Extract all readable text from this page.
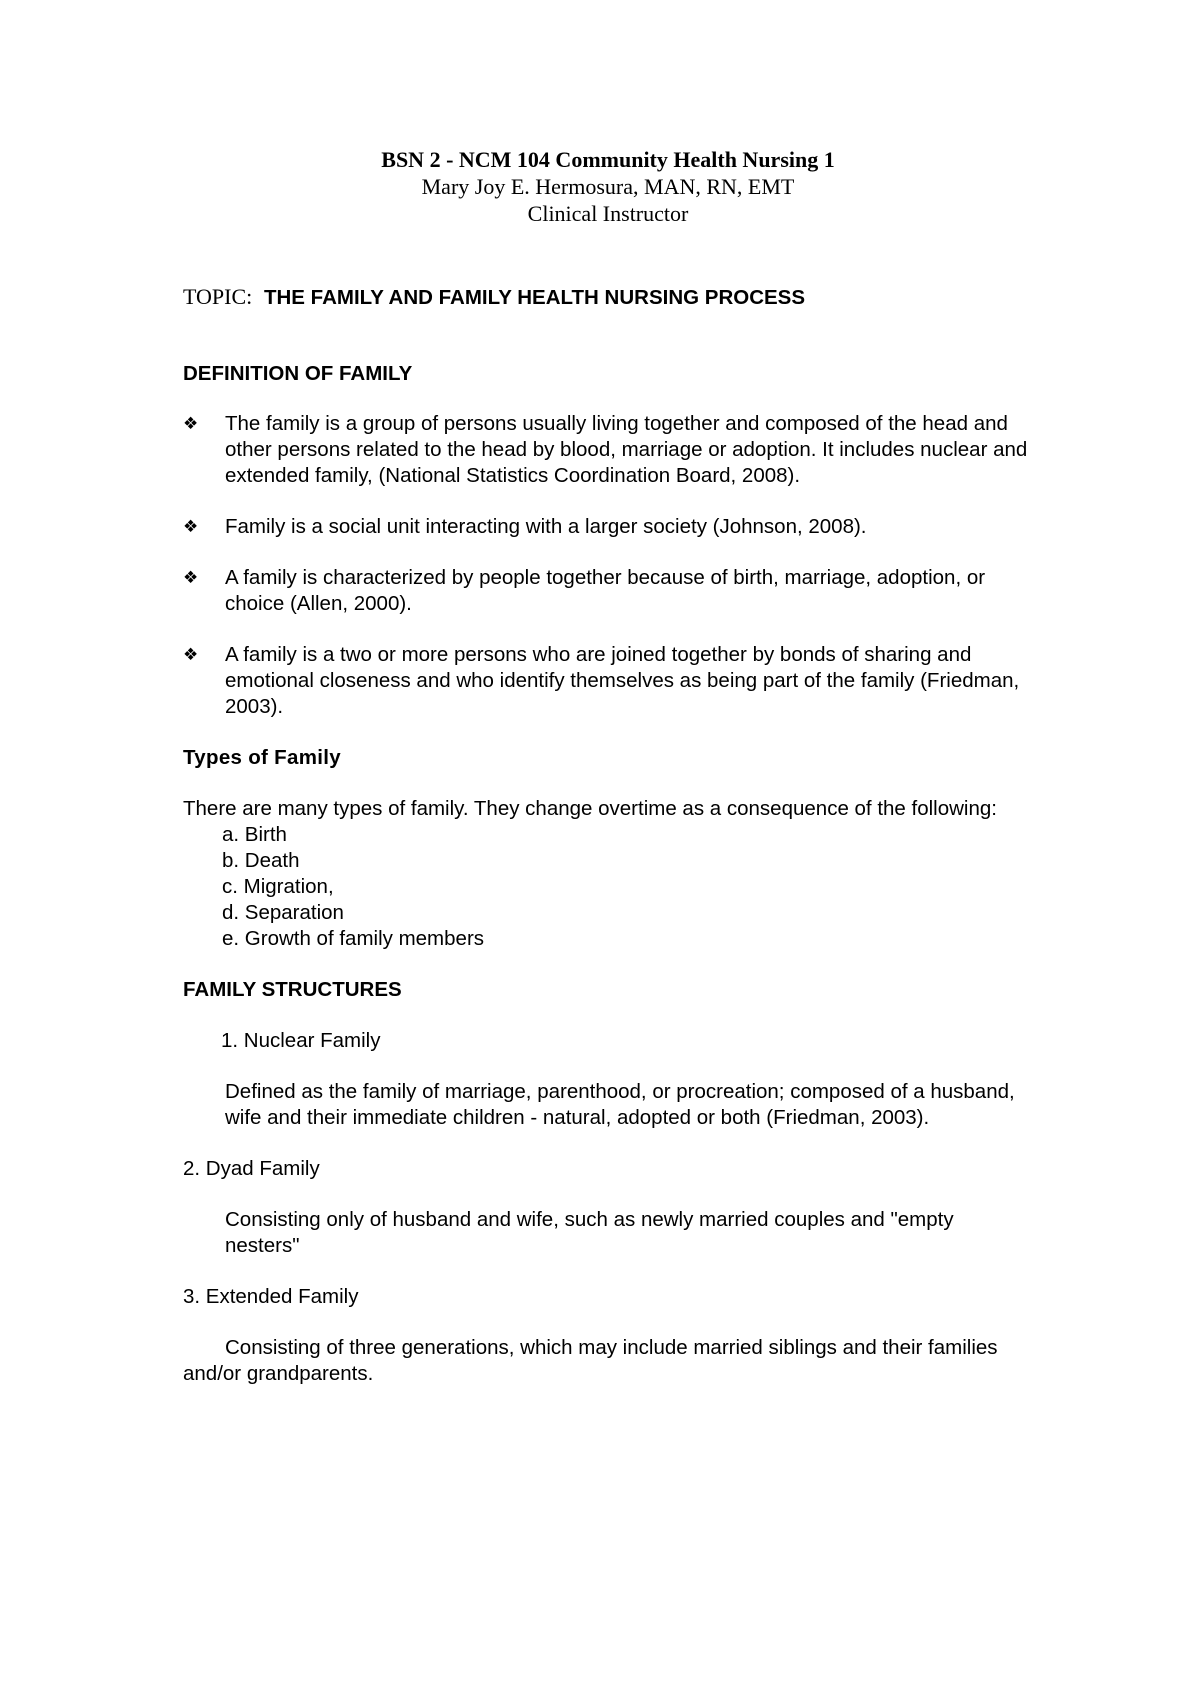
BSN 2 - NCM 104 Community Health Nursing 1
Mary Joy E. Hermosura, MAN, RN, EMT
Clinical Instructor
TOPIC: THE FAMILY AND FAMILY HEALTH NURSING PROCESS
DEFINITION OF FAMILY
❖ The family is a group of persons usually living together and composed of the head and other persons related to the head by blood, marriage or adoption. It includes nuclear and extended family, (National Statistics Coordination Board, 2008).
❖ Family is a social unit interacting with a larger society (Johnson, 2008).
❖ A family is characterized by people together because of birth, marriage, adoption, or choice (Allen, 2000).
❖ A family is a two or more persons who are joined together by bonds of sharing and emotional closeness and who identify themselves as being part of the family (Friedman, 2003).
Types of Family
There are many types of family. They change overtime as a consequence of the following:
a. Birth
b. Death
c. Migration,
d. Separation
e. Growth of family members
FAMILY STRUCTURES
1. Nuclear Family
Defined as the family of marriage, parenthood, or procreation; composed of a husband, wife and their immediate children - natural, adopted or both (Friedman, 2003).
2. Dyad Family
Consisting only of husband and wife, such as newly married couples and "empty nesters"
3. Extended Family
Consisting of three generations, which may include married siblings and their families and/or grandparents.
